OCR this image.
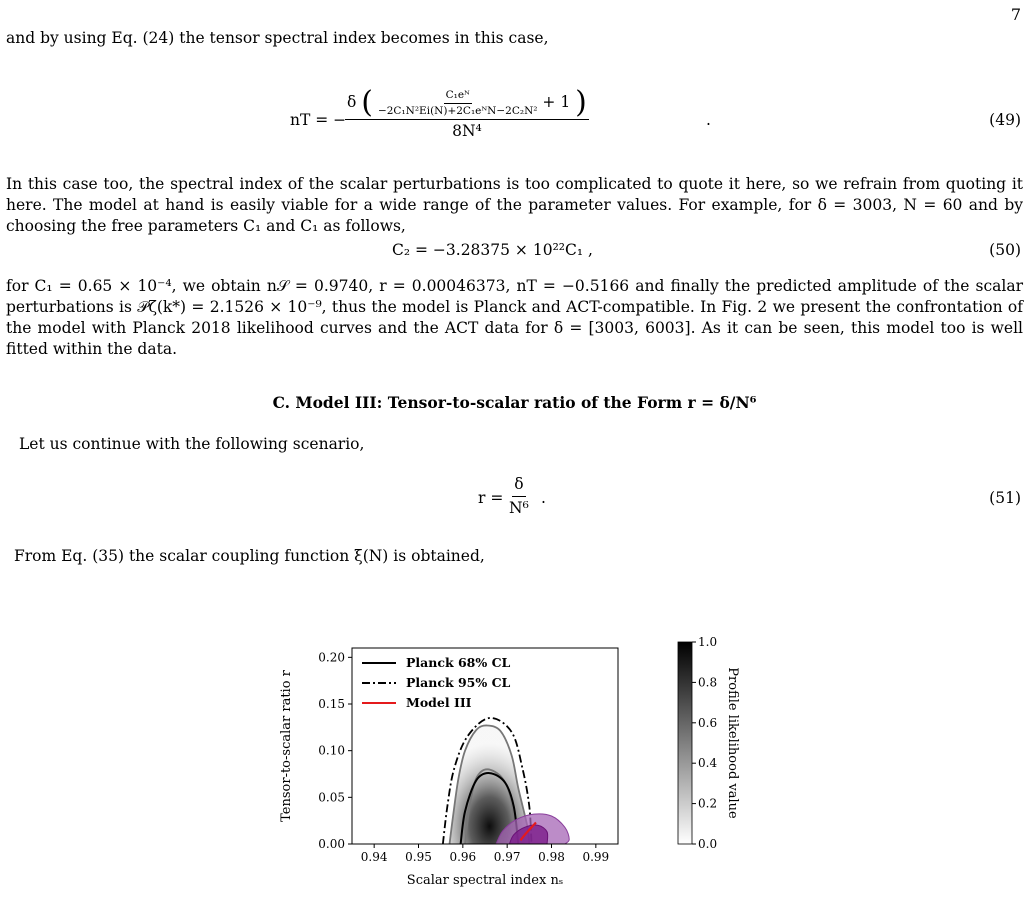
7
and by using Eq. (24) the tensor spectral index becomes in this case,
nT = −
δ ( $\frac{\text{C₁eᴺ}}{\text{−2C₁N²Ei(N)+2C₁eᴺN−2C₂N²}} + 1$ )
8N⁴
.	(49)
In this case too, the spectral index of the scalar perturbations is too complicated to quote it here, so we refrain from quoting it here. The model at hand is easily viable for a wide range of the parameter values. For example, for δ = 3003, N = 60 and by choosing the free parameters C₁ and C₁ as follows,
C₂ = −3.28375 × 10²²C₁ ,	(50)
for C₁ = 0.65 × 10⁻⁴, we obtain n𝒮 = 0.9740, r = 0.00046373, nT = −0.5166 and finally the predicted amplitude of the scalar perturbations is 𝒫ζ(k*) = 2.1526 × 10⁻⁹, thus the model is Planck and ACT-compatible. In Fig. 2 we present the confrontation of the model with Planck 2018 likelihood curves and the ACT data for δ = [3003, 6003]. As it can be seen, this model too is well fitted within the data.
C. Model III: Tensor-to-scalar ratio of the Form r = δ/N⁶
Let us continue with the following scenario,
$r = \frac{\delta}{\text{N⁶}}$ .	(51)
From Eq. (35) the scalar coupling function ξ(N) is obtained,
0.94 0.95 0.96 0.97 0.98 0.99
0.00
0.05
0.10
0.15
0.20
Scalar spectral index nₛ
Tensor-to-scalar ratio r
Planck 68% CL
Planck 95% CL
Model III
0.0
0.2
0.4
0.6
0.8
1.0
Profile likelihood value
